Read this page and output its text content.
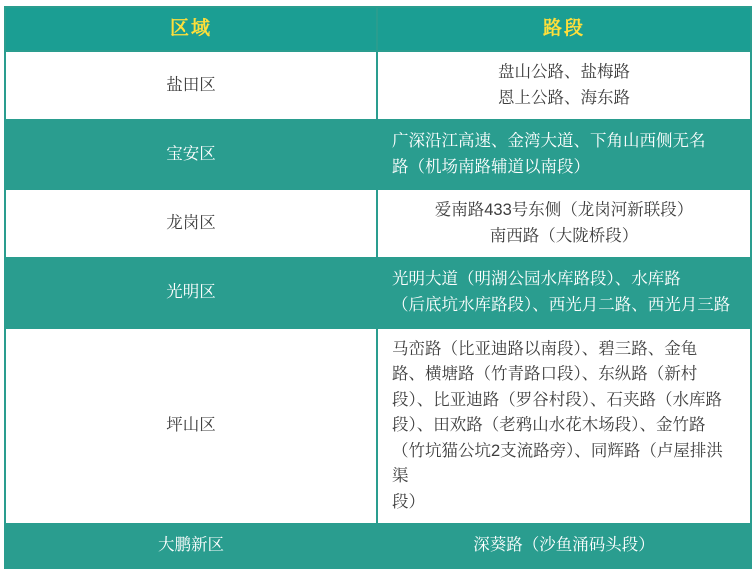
区域	路段
盐田区	盘山公路、盐梅路
恩上公路、海东路

宝安区	广深沿江高速、金湾大道、下角山西侧无名
路（机场南路辅道以南段）

龙岗区	爱南路433号东侧（龙岗河新联段）
南西路（大陇桥段）

光明区	光明大道（明湖公园水库路段）、水库路
（后底坑水库路段）、西光月二路、西光月三路

坪山区	
马峦路（比亚迪路以南段）、碧三路、金龟
路、横塘路（竹青路口段）、东纵路（新村
段）、比亚迪路（罗谷村段）、石夹路（水库路
段）、田欢路（老鸦山水花木场段）、金竹路
（竹坑猫公坑2支流路旁）、同辉路（卢屋排洪渠
段）

大鹏新区	深葵路（沙鱼涌码头段）
